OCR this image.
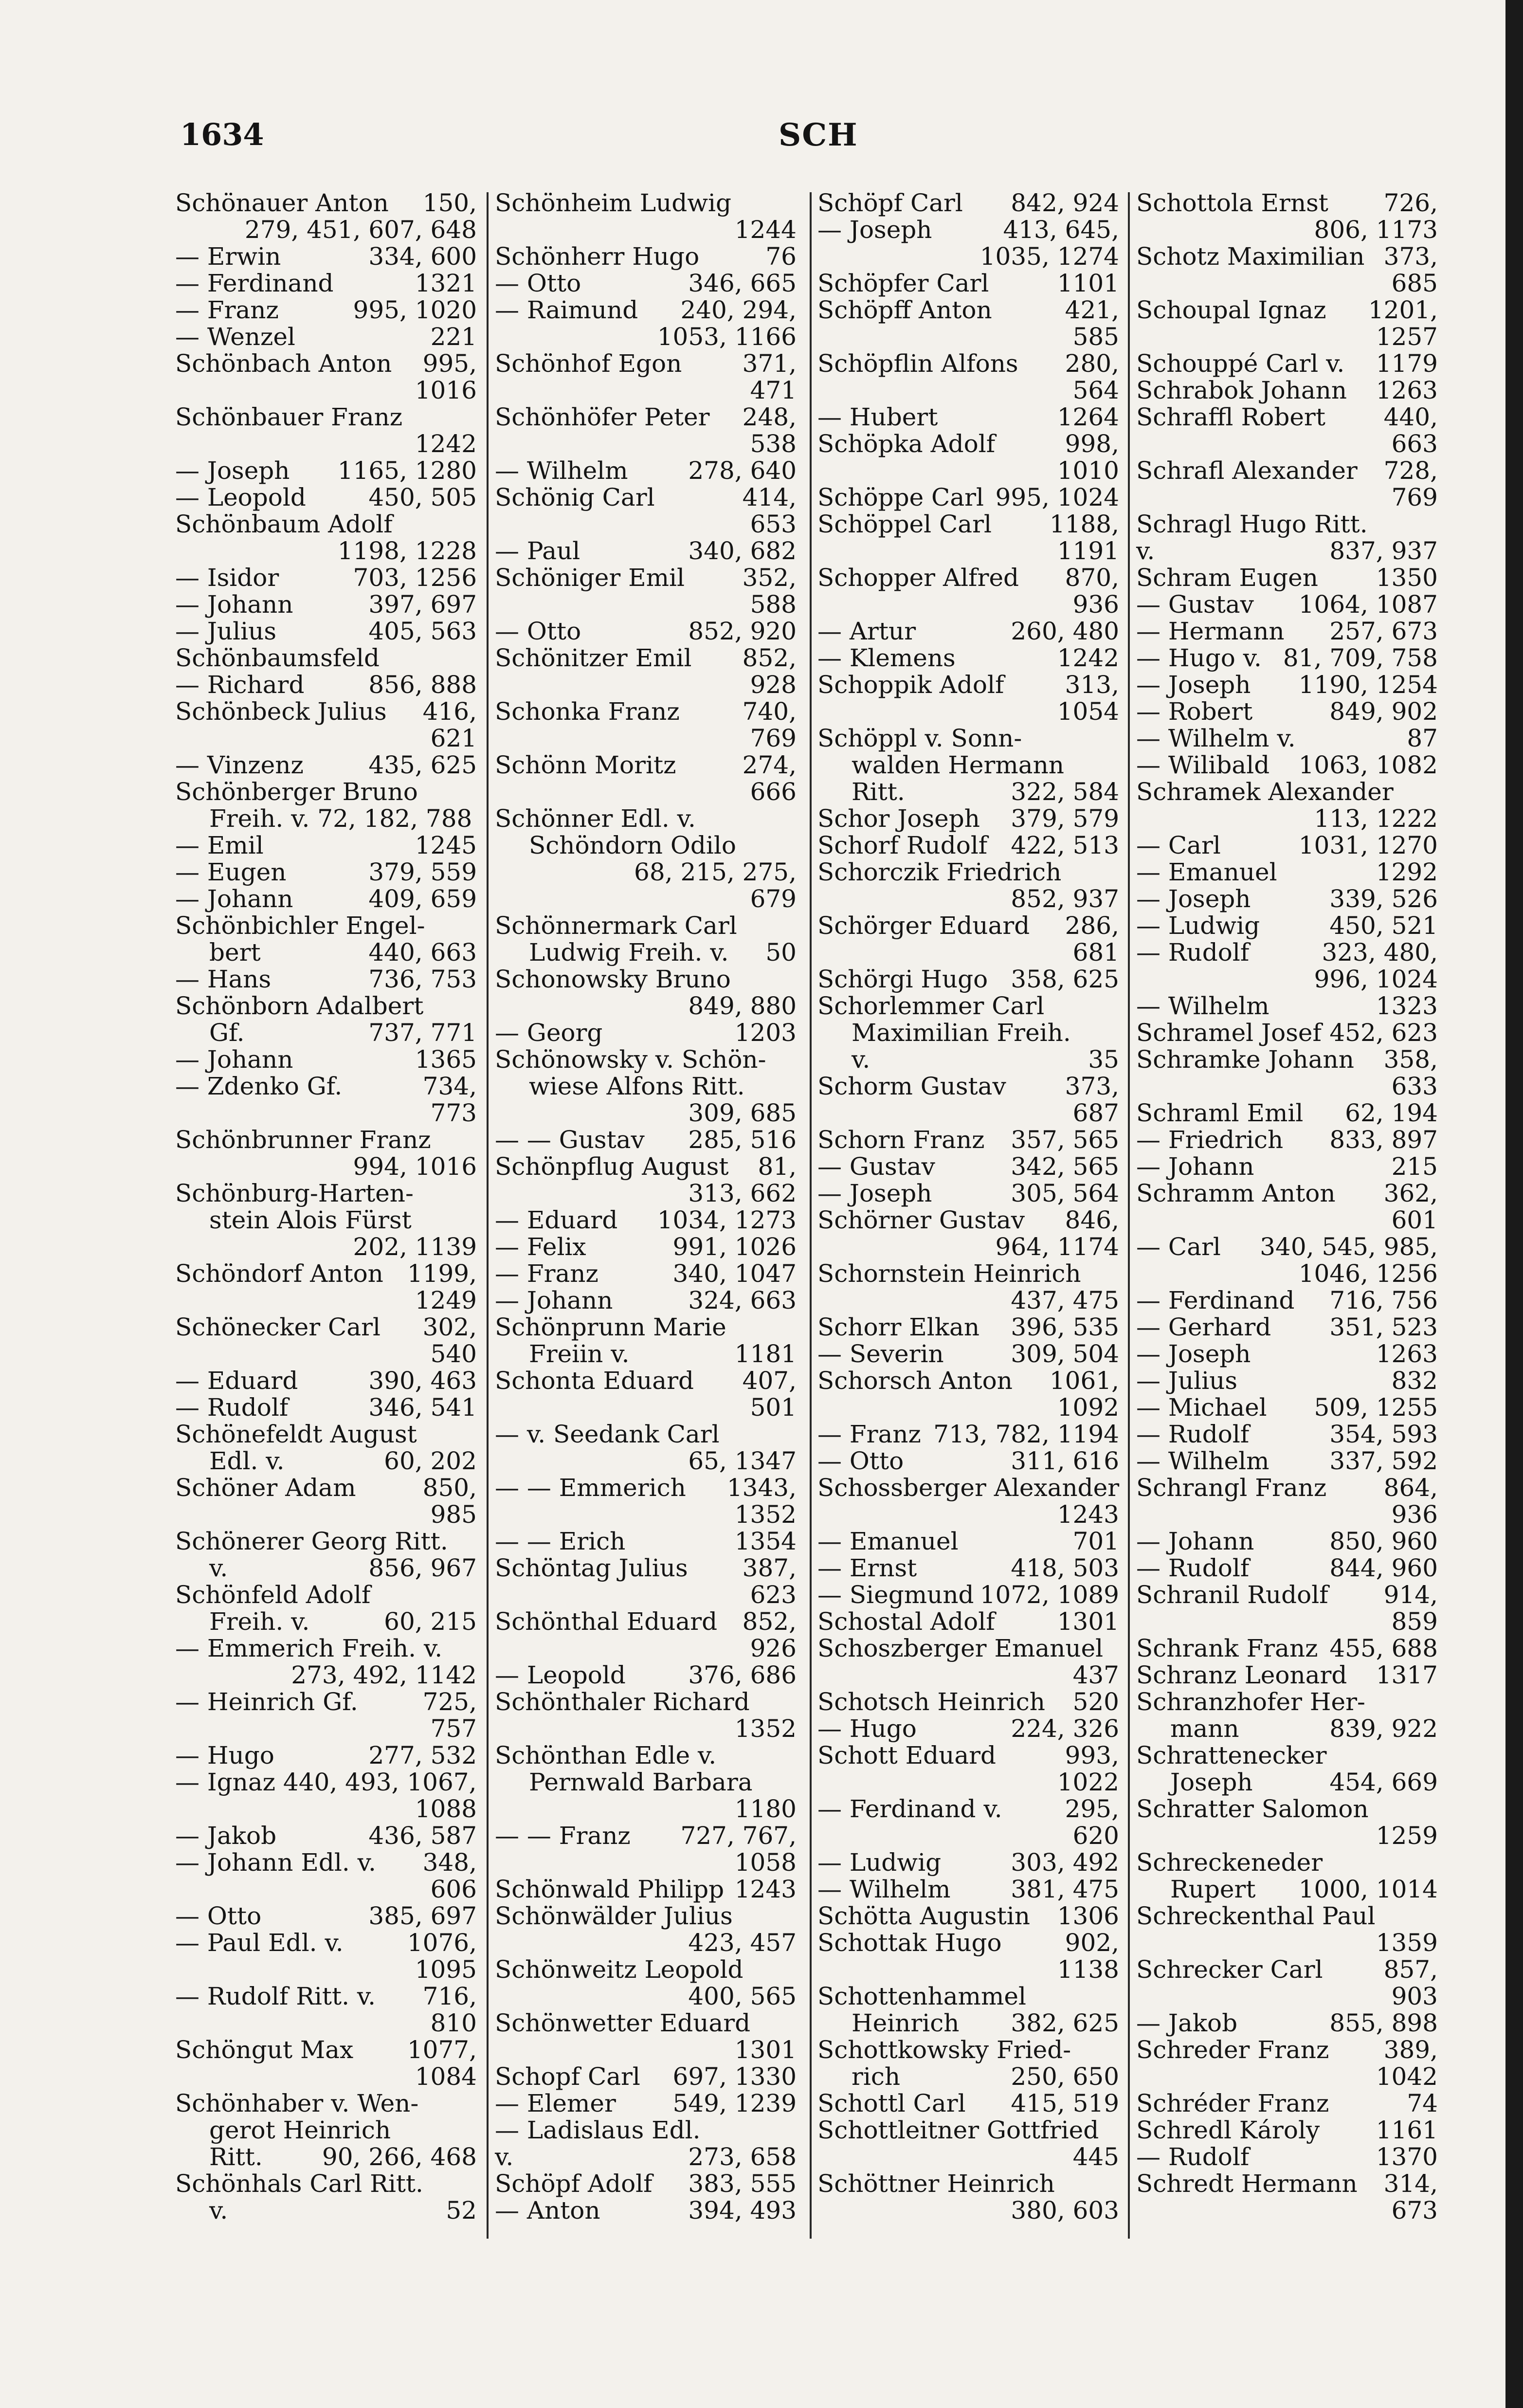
1634	SCH
150,
Schönauer Anton
279, 451, 607, 648
334, 600
— Erwin
1321
— Ferdinand
995, 1020
— Franz
221
— Wenzel
995,
Schönbach Anton
1016
Schönbauer Franz
1242
1165, 1280
— Joseph
450, 505
— Leopold
Schönbaum Adolf
1198, 1228
703, 1256
— Isidor
397, 697
— Johann
405, 563
— Julius
Schönbaumsfeld
856, 888
— Richard
416,
Schönbeck Julius
621
435, 625
— Vinzenz
Schönberger Bruno
Freih. v. 72, 182, 788
1245
— Emil
379, 559
— Eugen
409, 659
— Johann
Schönbichler Engel-
440, 663
bert
736, 753
— Hans
Schönborn Adalbert
737, 771
Gf.
1365
— Johann
734,
— Zdenko Gf.
773
Schönbrunner Franz
994, 1016
Schönburg-Harten-
stein Alois Fürst
202, 1139
1199,
Schöndorf Anton
1249
302,
Schönecker Carl
540
390, 463
— Eduard
346, 541
— Rudolf
Schönefeldt August
60, 202
Edl. v.
850,
Schöner Adam
985
Schönerer Georg Ritt.
856, 967
v.
Schönfeld Adolf
60, 215
Freih. v.
— Emmerich Freih. v.
273, 492, 1142
725,
— Heinrich Gf.
757
277, 532
— Hugo
— Ignaz 440, 493, 1067,
1088
436, 587
— Jakob
348,
— Johann Edl. v.
606
385, 697
— Otto
1076,
— Paul Edl. v.
1095
716,
— Rudolf Ritt. v.
810
1077,
Schöngut Max
1084
Schönhaber v. Wen-
gerot Heinrich
90, 266, 468
Ritt.
Schönhals Carl Ritt.
52
v.
Schönheim Ludwig
1244
76
Schönherr Hugo
346, 665
— Otto
240, 294,
— Raimund
1053, 1166
371,
Schönhof Egon
471
248,
Schönhöfer Peter
538
278, 640
— Wilhelm
414,
Schönig Carl
653
340, 682
— Paul
352,
Schöniger Emil
588
852, 920
— Otto
852,
Schönitzer Emil
928
740,
Schonka Franz
769
274,
Schönn Moritz
666
Schönner Edl. v.
Schöndorn Odilo
68, 215, 275,
679
Schönnermark Carl
50
Ludwig Freih. v.
Schonowsky Bruno
849, 880
1203
— Georg
Schönowsky v. Schön-
wiese Alfons Ritt.
309, 685
285, 516
— — Gustav
81,
Schönpflug August
313, 662
1034, 1273
— Eduard
991, 1026
— Felix
340, 1047
— Franz
324, 663
— Johann
Schönprunn Marie
1181
Freiin v.
407,
Schonta Eduard
501
— v. Seedank Carl
65, 1347
1343,
— — Emmerich
1352
1354
— — Erich
387,
Schöntag Julius
623
852,
Schönthal Eduard
926
376, 686
— Leopold
Schönthaler Richard
1352
Schönthan Edle v.
Pernwald Barbara
1180
727, 767,
— — Franz
1058
1243
Schönwald Philipp
Schönwälder Julius
423, 457
Schönweitz Leopold
400, 565
Schönwetter Eduard
1301
697, 1330
Schopf Carl
549, 1239
— Elemer
— Ladislaus Edl.
273, 658
v.
383, 555
Schöpf Adolf
394, 493
— Anton
842, 924
Schöpf Carl
413, 645,
— Joseph
1035, 1274
1101
Schöpfer Carl
421,
Schöpff Anton
585
280,
Schöpflin Alfons
564
1264
— Hubert
998,
Schöpka Adolf
1010
995, 1024
Schöppe Carl
1188,
Schöppel Carl
1191
870,
Schopper Alfred
936
260, 480
— Artur
1242
— Klemens
313,
Schoppik Adolf
1054
Schöppl v. Sonn-
walden Hermann
322, 584
Ritt.
379, 579
Schor Joseph
422, 513
Schorf Rudolf
Schorczik Friedrich
852, 937
286,
Schörger Eduard
681
358, 625
Schörgi Hugo
Schorlemmer Carl
Maximilian Freih.
35
v.
373,
Schorm Gustav
687
357, 565
Schorn Franz
342, 565
— Gustav
305, 564
— Joseph
846,
Schörner Gustav
964, 1174
Schornstein Heinrich
437, 475
396, 535
Schorr Elkan
309, 504
— Severin
1061,
Schorsch Anton
1092
713, 782, 1194
— Franz
311, 616
— Otto
Schossberger Alexander
1243
701
— Emanuel
418, 503
— Ernst
1072, 1089
— Siegmund
1301
Schostal Adolf
Schoszberger Emanuel
437
520
Schotsch Heinrich
224, 326
— Hugo
993,
Schott Eduard
1022
295,
— Ferdinand v.
620
303, 492
— Ludwig
381, 475
— Wilhelm
1306
Schötta Augustin
902,
Schottak Hugo
1138
Schottenhammel
382, 625
Heinrich
Schottkowsky Fried-
250, 650
rich
415, 519
Schottl Carl
Schottleitner Gottfried
445
Schöttner Heinrich
380, 603
726,
Schottola Ernst
806, 1173
373,
Schotz Maximilian
685
1201,
Schoupal Ignaz
1257
1179
Schouppé Carl v.
1263
Schrabok Johann
440,
Schraffl Robert
663
728,
Schrafl Alexander
769
Schragl Hugo Ritt.
837, 937
v.
1350
Schram Eugen
1064, 1087
— Gustav
257, 673
— Hermann
81, 709, 758
— Hugo v.
1190, 1254
— Joseph
849, 902
— Robert
87
— Wilhelm v.
1063, 1082
— Wilibald
Schramek Alexander
113, 1222
1031, 1270
— Carl
1292
— Emanuel
339, 526
— Joseph
450, 521
— Ludwig
323, 480,
— Rudolf
996, 1024
1323
— Wilhelm
452, 623
Schramel Josef
358,
Schramke Johann
633
62, 194
Schraml Emil
833, 897
— Friedrich
215
— Johann
362,
Schramm Anton
601
340, 545, 985,
— Carl
1046, 1256
716, 756
— Ferdinand
351, 523
— Gerhard
1263
— Joseph
832
— Julius
509, 1255
— Michael
354, 593
— Rudolf
337, 592
— Wilhelm
864,
Schrangl Franz
936
850, 960
— Johann
844, 960
— Rudolf
914,
Schranil Rudolf
859
455, 688
Schrank Franz
1317
Schranz Leonard
Schranzhofer Her-
839, 922
mann
Schrattenecker
454, 669
Joseph
Schratter Salomon
1259
Schreckeneder
1000, 1014
Rupert
Schreckenthal Paul
1359
857,
Schrecker Carl
903
855, 898
— Jakob
389,
Schreder Franz
1042
74
Schréder Franz
1161
Schredl Károly
1370
— Rudolf
314,
Schredt Hermann
673
